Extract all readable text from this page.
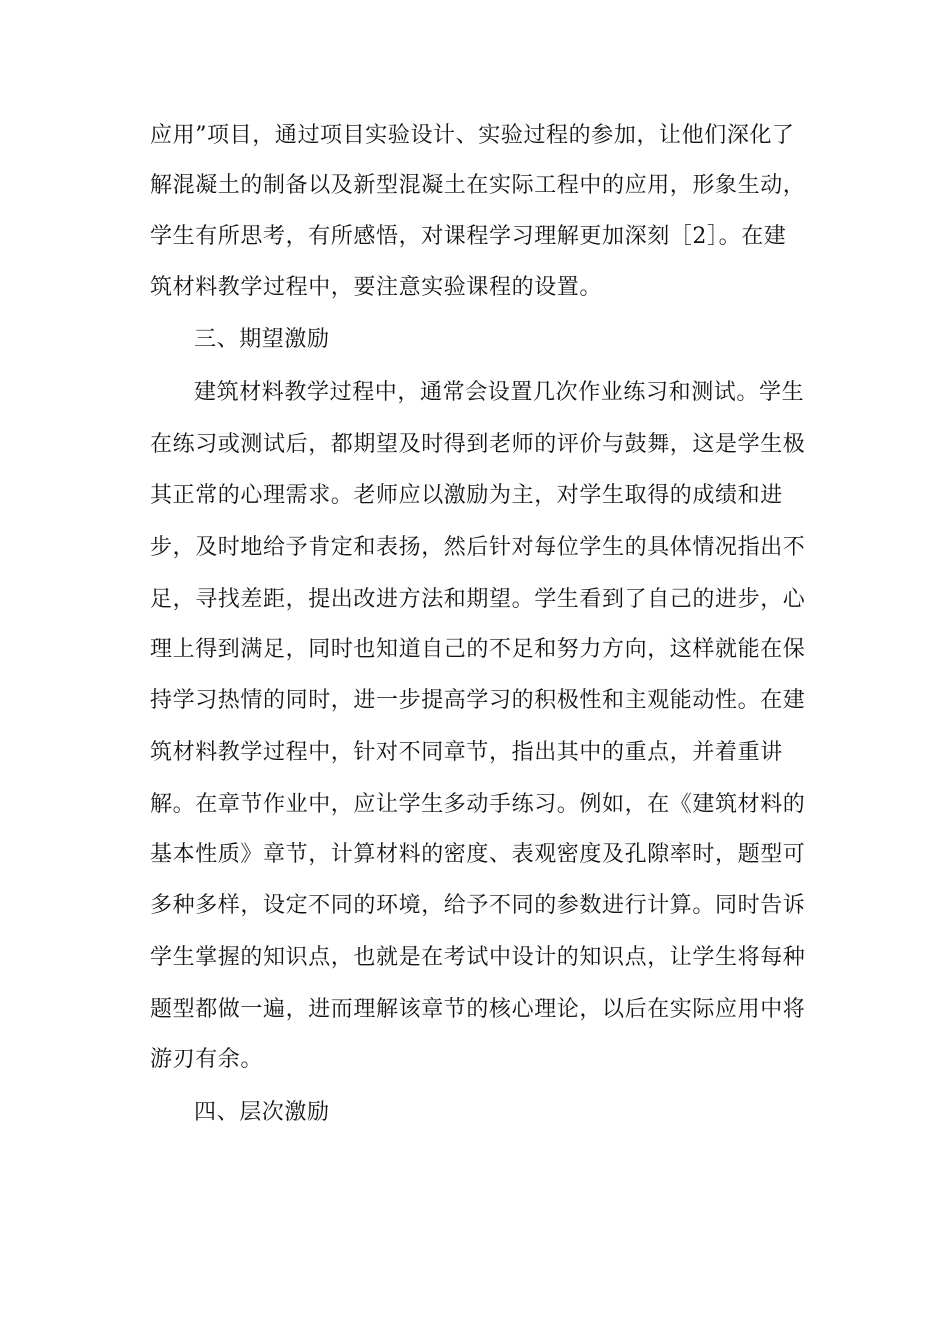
应用”项目，通过项目实验设计、实验过程的参加，让他们深化了
解混凝土的制备以及新型混凝土在实际工程中的应用，形象生动，
学生有所思考，有所感悟，对课程学习理解更加深刻［2］。在建
筑材料教学过程中，要注意实验课程的设置。
三、期望激励
建筑材料教学过程中，通常会设置几次作业练习和测试。学生
在练习或测试后，都期望及时得到老师的评价与鼓舞，这是学生极
其正常的心理需求。老师应以激励为主，对学生取得的成绩和进
步，及时地给予肯定和表扬，然后针对每位学生的具体情况指出不
足，寻找差距，提出改进方法和期望。学生看到了自己的进步，心
理上得到满足，同时也知道自己的不足和努力方向，这样就能在保
持学习热情的同时，进一步提高学习的积极性和主观能动性。在建
筑材料教学过程中，针对不同章节，指出其中的重点，并着重讲
解。在章节作业中，应让学生多动手练习。例如，在《建筑材料的
基本性质》章节，计算材料的密度、表观密度及孔隙率时，题型可
多种多样，设定不同的环境，给予不同的参数进行计算。同时告诉
学生掌握的知识点，也就是在考试中设计的知识点，让学生将每种
题型都做一遍，进而理解该章节的核心理论，以后在实际应用中将
游刃有余。
四、层次激励
